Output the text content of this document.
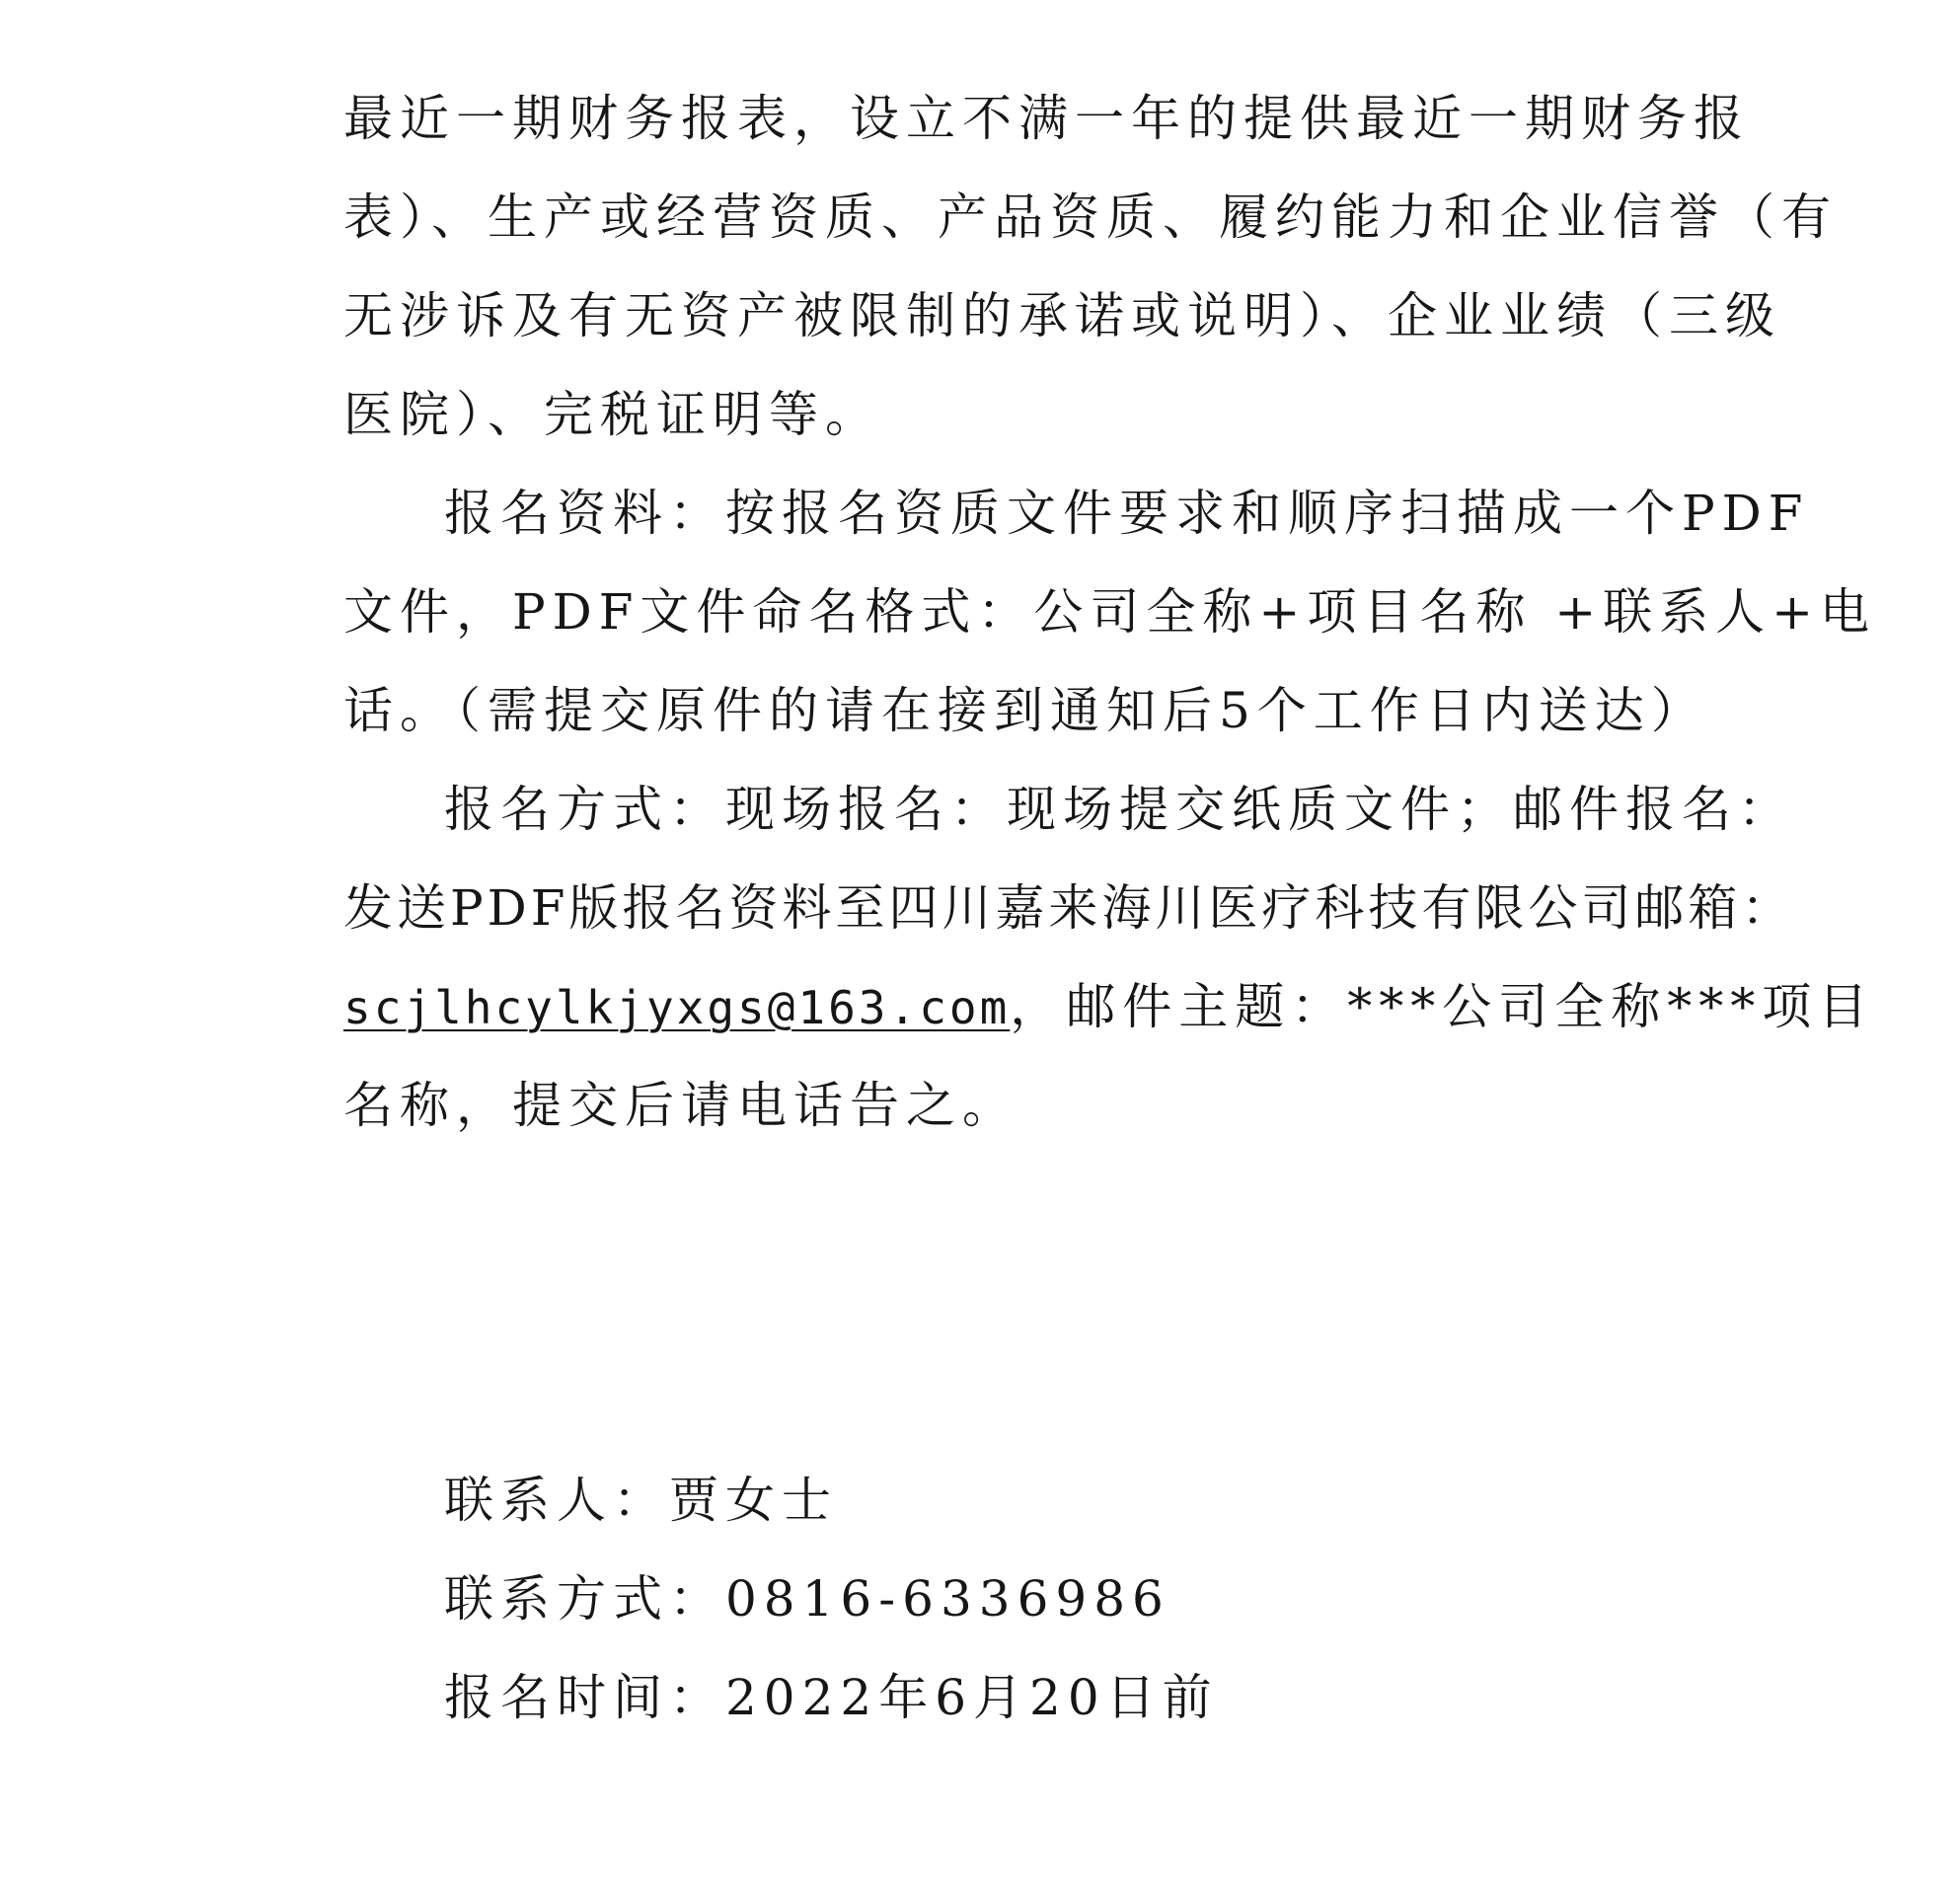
最近一期财务报表，设立不满一年的提供最近一期财务报
表）、生产或经营资质、产品资质、履约能力和企业信誉（有
无涉诉及有无资产被限制的承诺或说明）、企业业绩（三级
医院）、完税证明等。
报名资料：按报名资质文件要求和顺序扫描成一个PDF
文件，PDF文件命名格式：公司全称+项目名称 +联系人+电
话。（需提交原件的请在接到通知后5个工作日内送达）
报名方式：现场报名：现场提交纸质文件；邮件报名：
发送PDF版报名资料至四川嘉来海川医疗科技有限公司邮箱：
scjlhcylkjyxgs@163.com，邮件主题：***公司全称***项目
名称，提交后请电话告之。
联系人：贾女士
联系方式：0816-6336986
报名时间：2022年6月20日前
